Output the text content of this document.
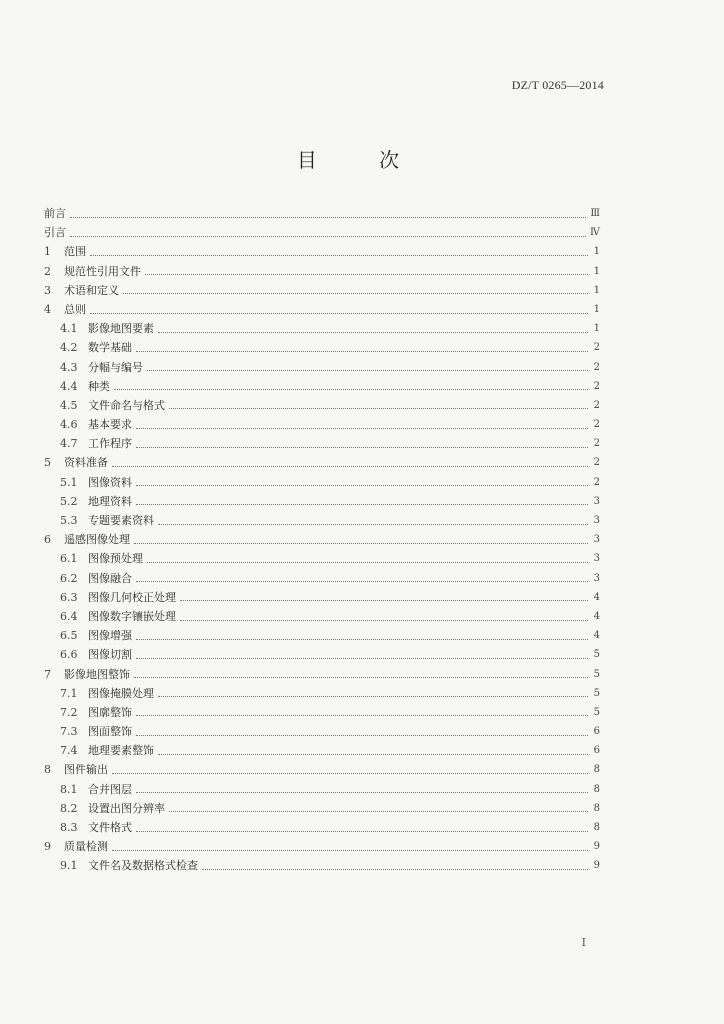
DZ/T 0265—2014
目 次
前言	Ⅲ
引言	Ⅳ
1	范围	1
2	规范性引用文件	1
3	术语和定义	1
4	总则	1
4.1 影像地图要素	1
4.2 数学基础	2
4.3 分幅与编号	2
4.4 种类	2
4.5 文件命名与格式	2
4.6 基本要求	2
4.7 工作程序	2
5	资料准备	2
5.1 图像资料	2
5.2 地理资料	3
5.3 专题要素资料	3
6	遥感图像处理	3
6.1 图像预处理	3
6.2 图像融合	3
6.3 图像几何校正处理	4
6.4 图像数字镶嵌处理	4
6.5 图像增强	4
6.6 图像切割	5
7	影像地图整饰	5
7.1 图像掩膜处理	5
7.2 图廓整饰	5
7.3 图面整饰	6
7.4 地理要素整饰	6
8	图件输出	8
8.1 合并图层	8
8.2 设置出图分辨率	8
8.3 文件格式	8
9	质量检测	9
9.1 文件名及数据格式检查	9
I
